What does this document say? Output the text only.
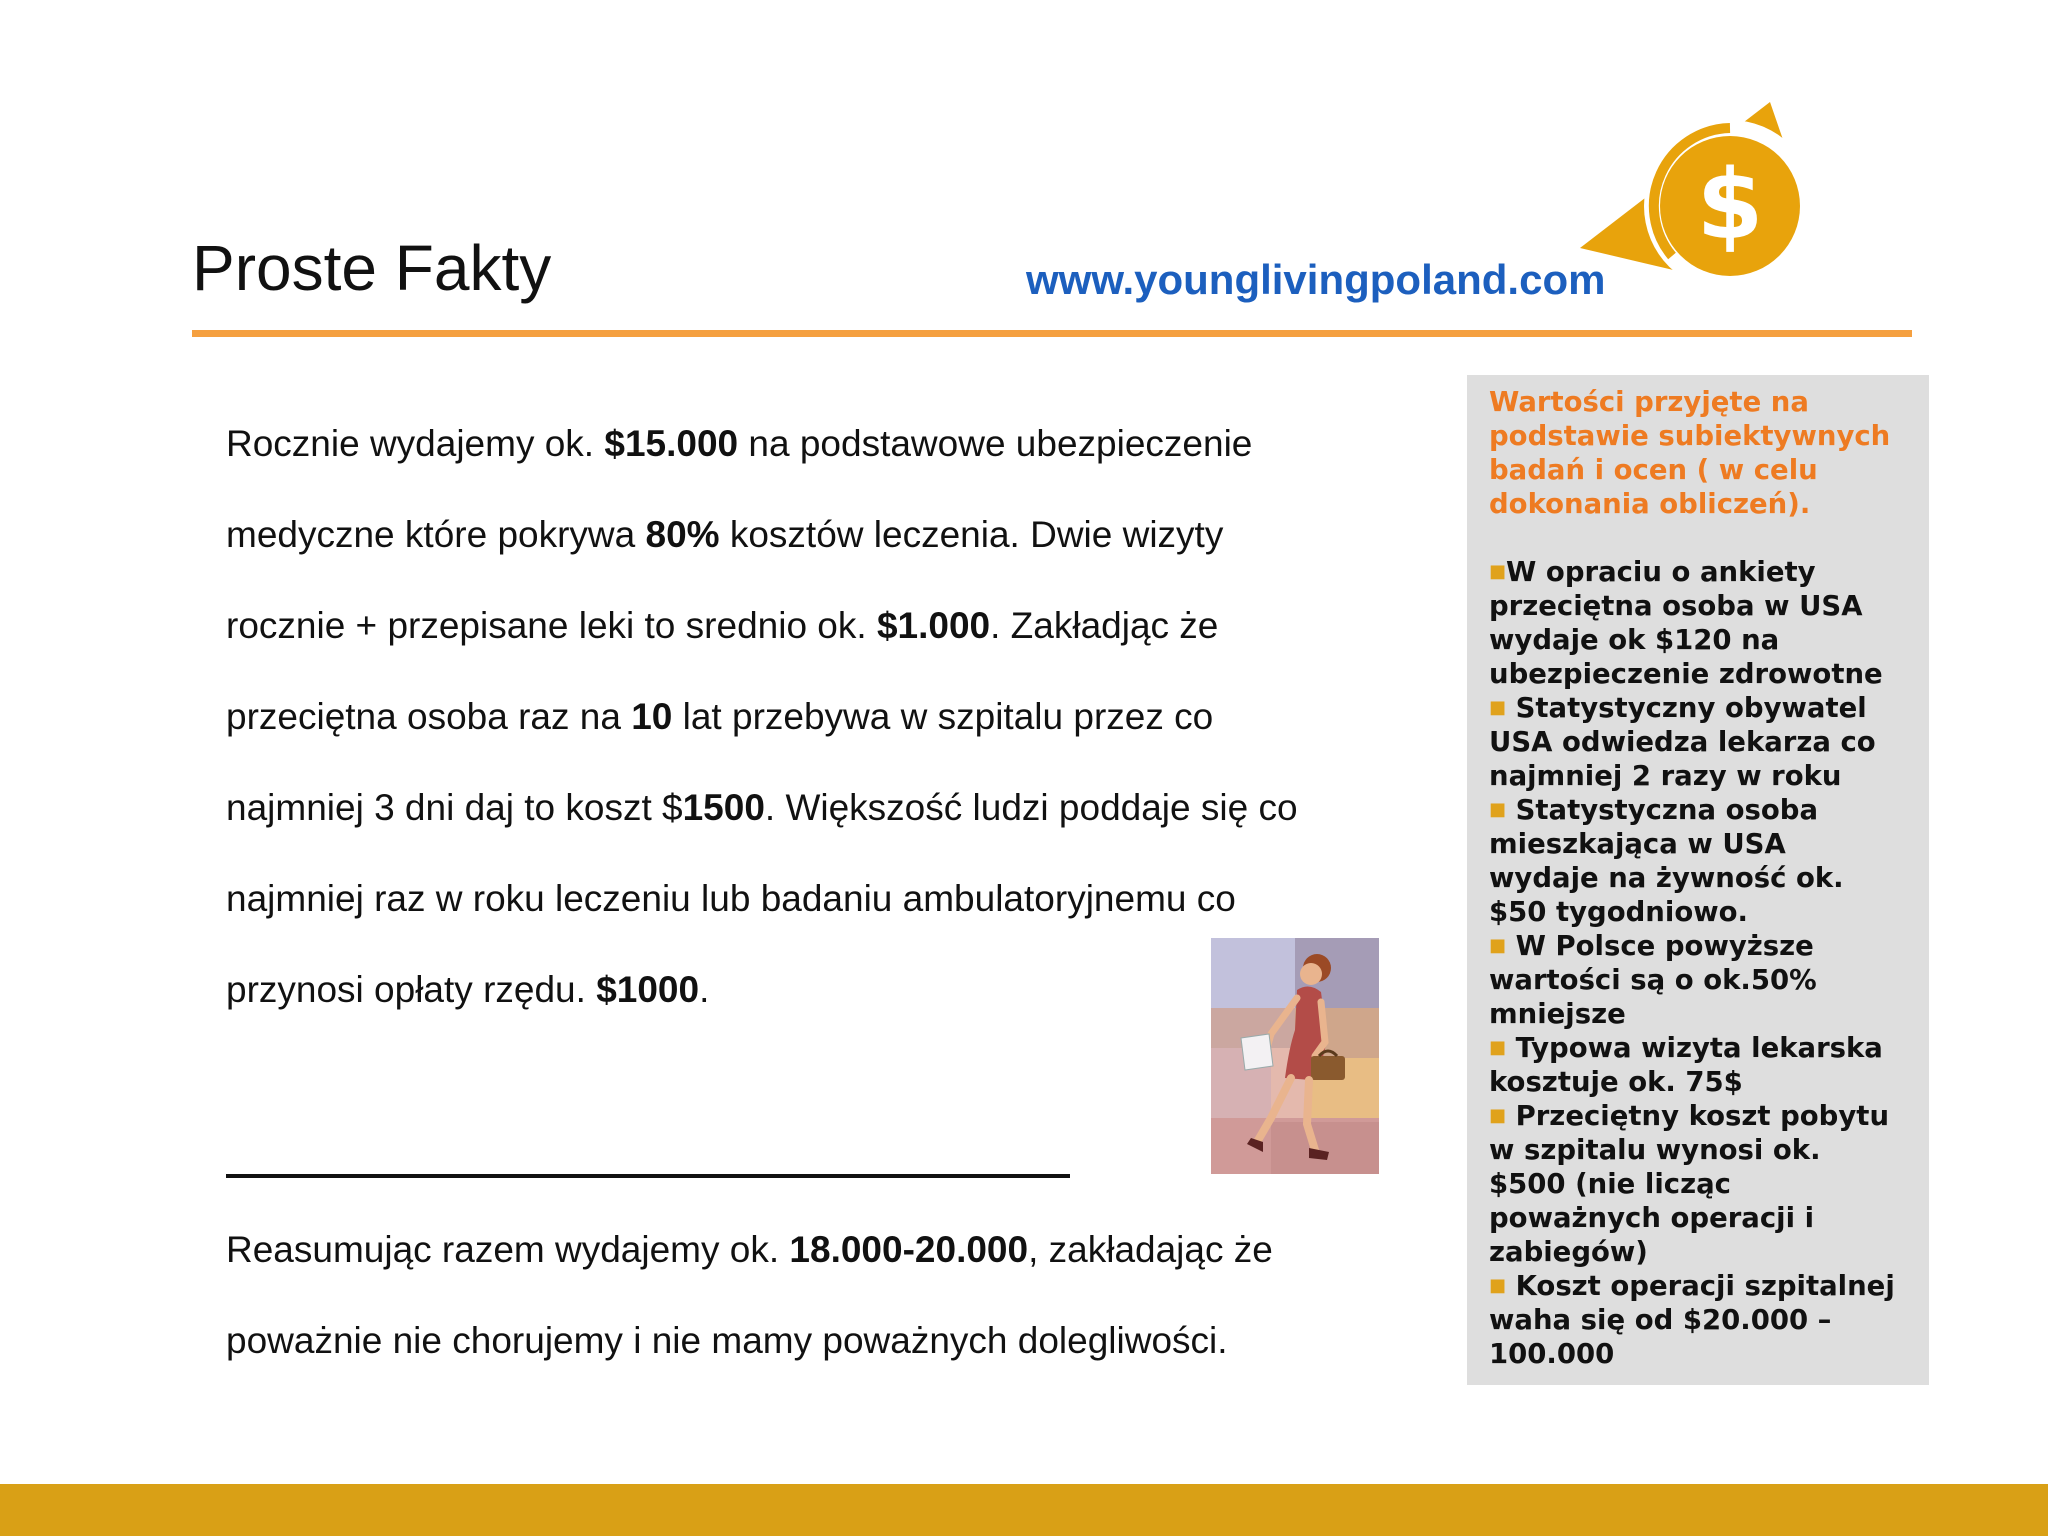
Proste Fakty	www.younglivingpoland.com
$

Rocznie wydajemy ok. $15.000 na podstawowe ubezpieczenie

medyczne które pokrywa 80% kosztów leczenia. Dwie wizyty

rocznie + przepisane leki to srednio ok. $1.000. Zakładjąc że

przeciętna osoba raz na 10 lat przebywa w szpitalu przez co

najmniej 3 dni daj to koszt $1500. Większość ludzi poddaje się co

najmniej raz w roku leczeniu lub badaniu ambulatoryjnemu co

przynosi opłaty rzędu. $1000.

Reasumując razem wydajemy ok. 18.000-20.000, zakładając że

poważnie nie chorujemy i nie mamy poważnych dolegliwości.

Wartości przyjęte na
podstawie subiektywnych
badań i ocen ( w celu
dokonania obliczeń).
■W opraciu o ankiety
przeciętna osoba w USA
wydaje ok $120 na
ubezpieczenie zdrowotne
■ Statystyczny obywatel
USA odwiedza lekarza co
najmniej 2 razy w roku
■ Statystyczna osoba
mieszkająca w USA
wydaje na żywność ok.
$50 tygodniowo.
■ W Polsce powyższe
wartości są o ok.50%
mniejsze
■ Typowa wizyta lekarska
kosztuje ok. 75$
■ Przeciętny koszt pobytu
w szpitalu wynosi ok.
$500 (nie licząc
poważnych operacji i
zabiegów)
■ Koszt operacji szpitalnej
waha się od $20.000 –
100.000
